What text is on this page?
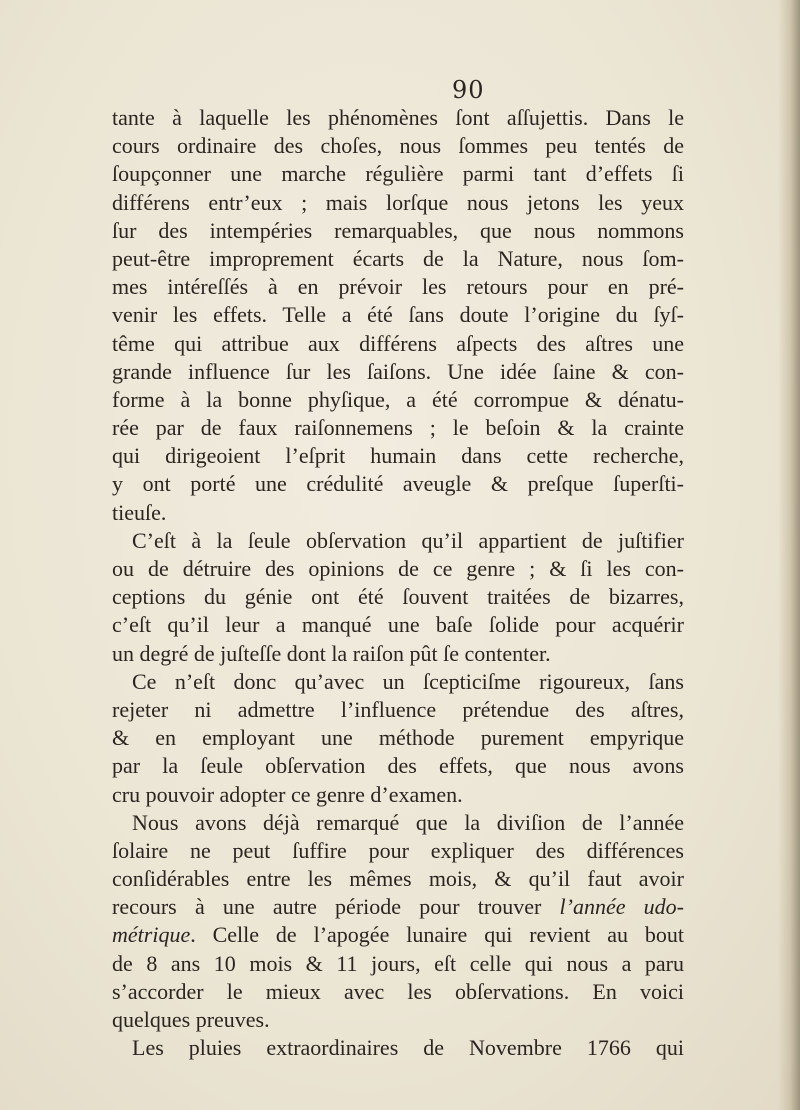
90
tante à laquelle les phénomènes ſont aſſujettis. Dans le
cours ordinaire des choſes, nous ſommes peu tentés de
ſoupçonner une marche régulière parmi tant d’effets ſi
différens entr’eux ; mais lorſque nous jetons les yeux
ſur des intempéries remarquables, que nous nommons
peut-être improprement écarts de la Nature, nous ſom-
mes intéreſſés à en prévoir les retours pour en pré-
venir les effets. Telle a été ſans doute l’origine du ſyſ-
tême qui attribue aux différens aſpects des aſtres une
grande influence ſur les ſaiſons. Une idée ſaine & con-
forme à la bonne phyſique, a été corrompue & dénatu-
rée par de faux raiſonnemens ; le beſoin & la crainte
qui dirigeoient l’eſprit humain dans cette recherche,
y ont porté une crédulité aveugle & preſque ſuperſti-
tieuſe.
C’eſt à la ſeule obſervation qu’il appartient de juſtifier
ou de détruire des opinions de ce genre ; & ſi les con-
ceptions du génie ont été ſouvent traitées de bizarres,
c’eſt qu’il leur a manqué une baſe ſolide pour acquérir
un degré de juſteſſe dont la raiſon pût ſe contenter.
Ce n’eſt donc qu’avec un ſcepticiſme rigoureux, ſans
rejeter ni admettre l’influence prétendue des aſtres,
& en employant une méthode purement empyrique
par la ſeule obſervation des effets, que nous avons
cru pouvoir adopter ce genre d’examen.
Nous avons déjà remarqué que la diviſion de l’année
ſolaire ne peut ſuffire pour expliquer des différences
conſidérables entre les mêmes mois, & qu’il faut avoir
recours à une autre période pour trouver l’année udo-
métrique. Celle de l’apogée lunaire qui revient au bout
de 8 ans 10 mois & 11 jours, eſt celle qui nous a paru
s’accorder le mieux avec les obſervations. En voici
quelques preuves.
Les pluies extraordinaires de Novembre 1766 qui
